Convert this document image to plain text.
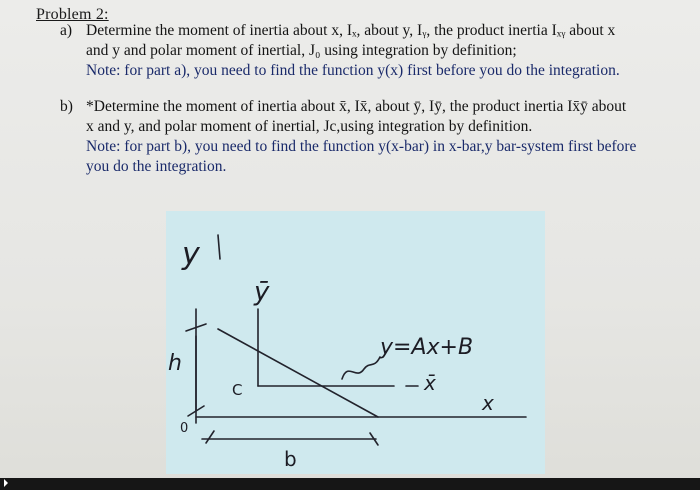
Problem 2:
a) Determine the moment of inertia about x, Iₓ, about y, Iᵧ, the product inertia Iₓᵧ about x
and y and polar moment of inertial, J₀ using integration by definition;
Note: for part a), you need to find the function y(x) first before you do the integration.
b) *Determine the moment of inertia about x̄, Ix̄, about ȳ, Iȳ, the product inertia Ix̄ȳ about
x and y, and polar moment of inertial, Jc,using integration by definition.
Note: for part b), you need to find the function y(x-bar) in x-bar,y bar-system first before
you do the integration.
y
ȳ
h
C
y=Ax+B
x̄
x
0
b
